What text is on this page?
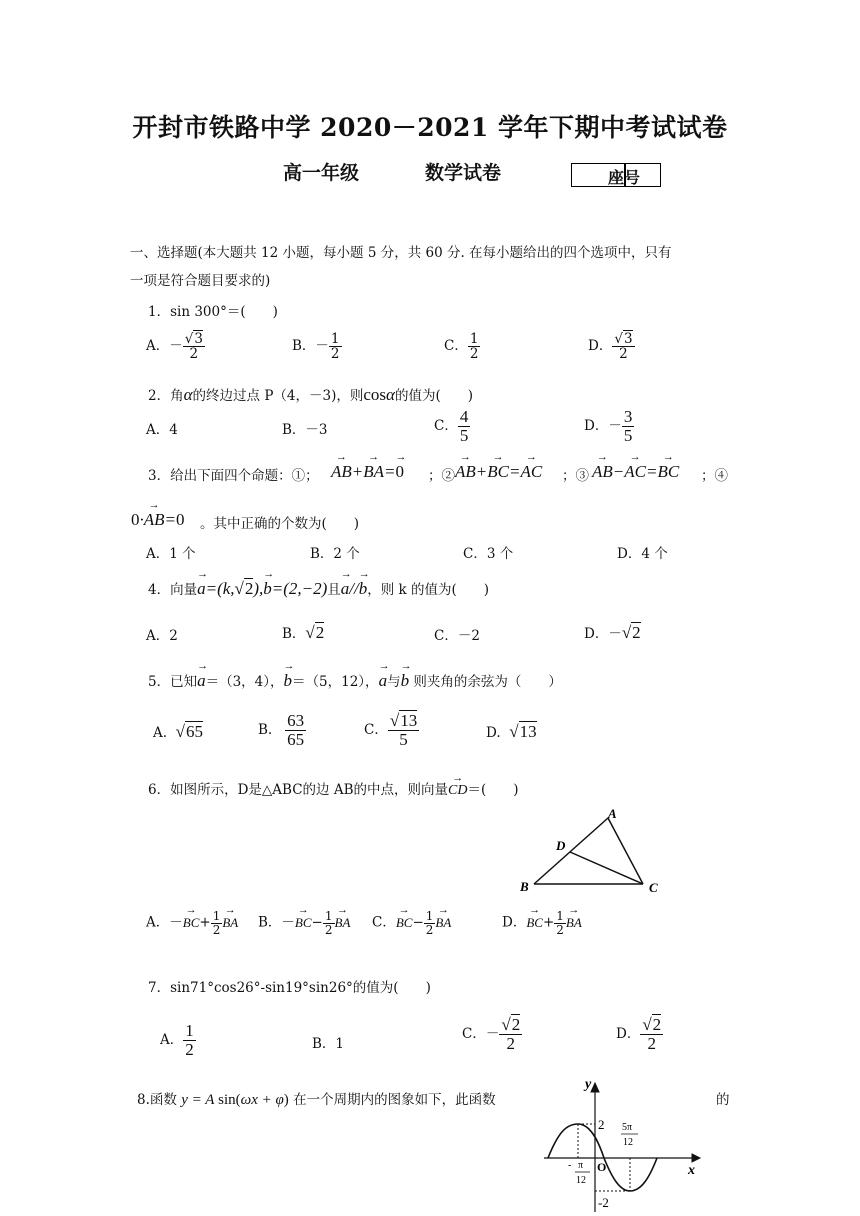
开封市铁路中学 2020－2021 学年下期中考试试卷
高一年级	数学试卷	座号
一、选择题(本大题共 12 小题，每小题 5 分，共 60 分. 在每小题给出的四个选项中，只有
一项是符合题目要求的)
1．sin 300°＝(　　)
A．－ $\frac{√3}{2}$	B．－ $\frac{1}{2}$	C． $\frac{1}{2}$	D． $\frac{√3}{2}$
2．角α的终边过点 P（4，－3)，则cosα的值为(　　)
A．4	B．－3	C． $\frac{4}{5}$	D．－ $\frac{3}{5}$
3．给出下面四个命题：①； → AB+→ BA=→ 0 ；② → AB+→ BC=→ AC ；③ → AB−→ AC=→ BC ；④
0·→ AB=0 。其中正确的个数为(　　)
A．1 个	B．2 个	C．3 个	D．4 个
4．向量→ a=(k,√2),→ b=(2,−2)且→ a//→ b，则 k 的值为(　　)
A．2	B．√2	C．－2	D．－√2
5．已知→ a＝（3，4），→ b＝（5，12），→ a与→ b 则夹角的余弦为（　　）
A. √65	B. $\frac{63}{65}$	C． $\frac{√13}{5}$	D. √13
6．如图所示，D是△ABC的边 AB的中点，则向量→ CD＝(　　)
A
B	C
D
A．－→ $BC+ \frac{1}{2}$ → BA B．－→ $BC- \frac{1}{2}$ → BA C．→ $BC- \frac{1}{2}$ → BA	D．→ $BC+ \frac{1}{2}$ → BA
7．sin71°cos26°-sin19°sin26°的值为(　　)
A． $\frac{1}{2}$	B．1
C．－ $\frac{√2}{2}$	D． $\frac{√2}{2}$
8.函数 y = A sin(ωx + φ) 在一个周期内的图象如下，此函数	的
y
x
O
2
-2
5π
12
- π
12
